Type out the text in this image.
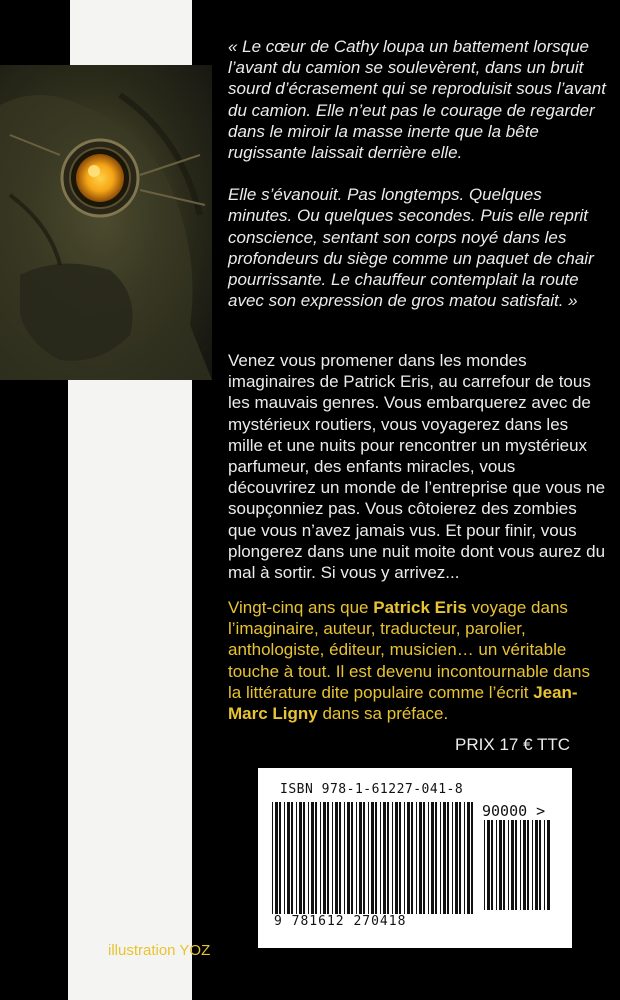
« Le cœur de Cathy loupa un battement lorsque l’avant du camion se soulevèrent, dans un bruit sourd d’écrasement qui se reproduisit sous l’avant du camion. Elle n’eut pas le courage de regarder dans le miroir la masse inerte que la bête rugissante laissait derrière elle.

Elle s’évanouit. Pas longtemps. Quelques minutes. Ou quelques secondes. Puis elle reprit conscience, sentant son corps noyé dans les profondeurs du siège comme un paquet de chair pourrissante. Le chauffeur contemplait la route avec son expression de gros matou satisfait. »

Venez vous promener dans les mondes imaginaires de Patrick Eris, au carrefour de tous les mauvais genres. Vous embarquerez avec de mystérieux routiers, vous voyagerez dans les mille et une nuits pour rencontrer un mystérieux parfumeur, des enfants miracles, vous découvrirez un monde de l’entreprise que vous ne soupçonniez pas. Vous côtoierez des zombies que vous n’avez jamais vus. Et pour finir, vous plongerez dans une nuit moite dont vous aurez du mal à sortir. Si vous y arrivez...

Vingt-cinq ans que Patrick Eris voyage dans l’imaginaire, auteur, traducteur, parolier, anthologiste, éditeur, musicien… un véritable touche à tout. Il est devenu incontournable dans la littérature dite populaire comme l’écrit Jean-Marc Ligny dans sa préface.

PRIX 17 € TTC
ISBN 978-1-61227-041-8
90000 >
9 781612 270418
illustration YOZ
